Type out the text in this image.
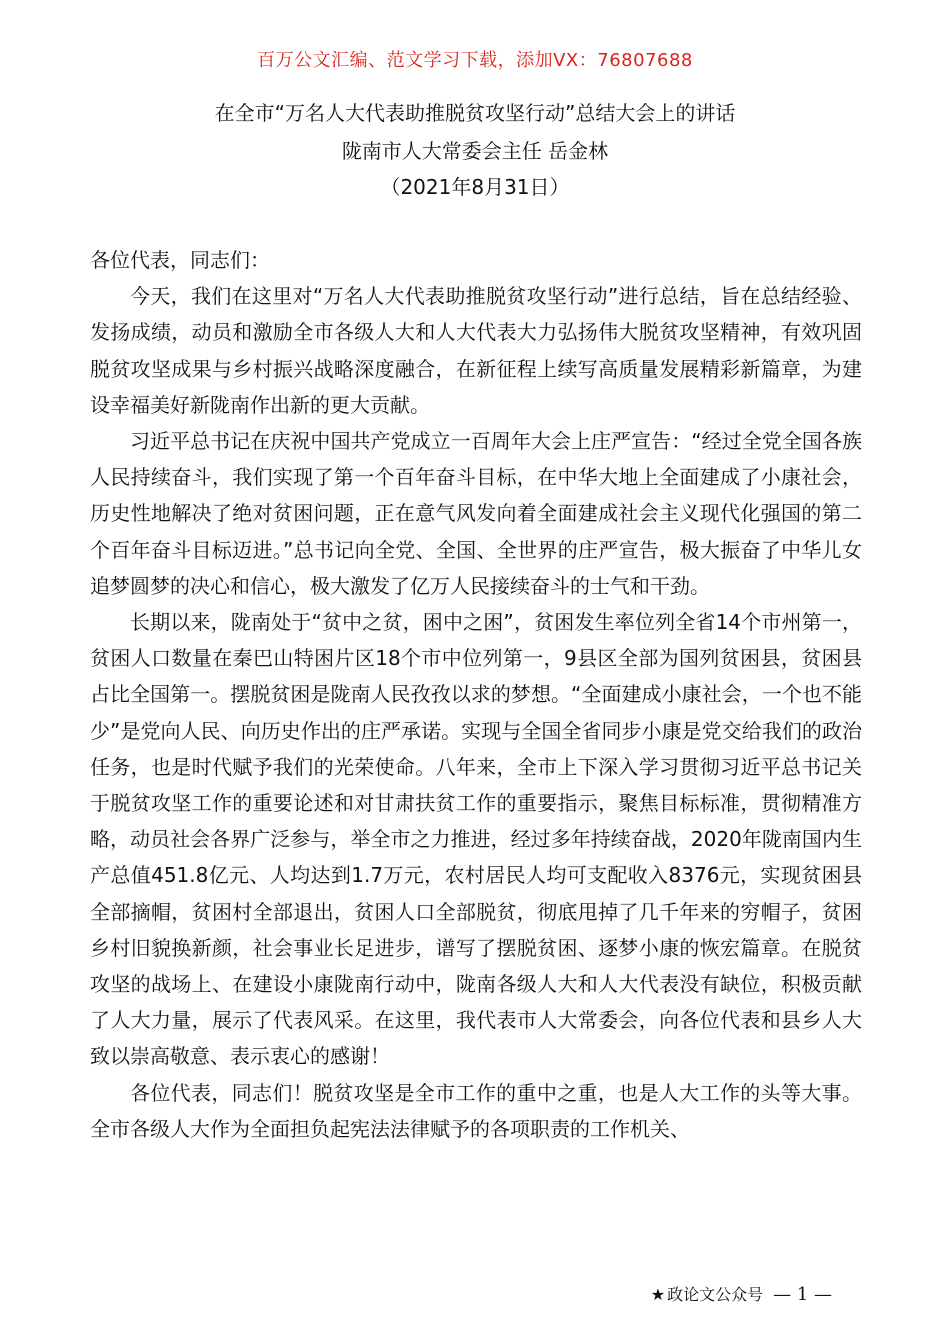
百万公文汇编、范文学习下载，添加VX：76807688
在全市“万名人大代表助推脱贫攻坚行动”总结大会上的讲话
陇南市人大常委会主任 岳金林
（2021年8月31日）

各位代表，同志们：

今天，我们在这里对“万名人大代表助推脱贫攻坚行动”进行总结，旨在总结经验、发扬成绩，动员和激励全市各级人大和人大代表大力弘扬伟大脱贫攻坚精神，有效巩固脱贫攻坚成果与乡村振兴战略深度融合，在新征程上续写高质量发展精彩新篇章，为建设幸福美好新陇南作出新的更大贡献。

习近平总书记在庆祝中国共产党成立一百周年大会上庄严宣告：“经过全党全国各族人民持续奋斗，我们实现了第一个百年奋斗目标，在中华大地上全面建成了小康社会，历史性地解决了绝对贫困问题，正在意气风发向着全面建成社会主义现代化强国的第二个百年奋斗目标迈进。”总书记向全党、全国、全世界的庄严宣告，极大振奋了中华儿女追梦圆梦的决心和信心，极大激发了亿万人民接续奋斗的士气和干劲。

长期以来，陇南处于“贫中之贫，困中之困”，贫困发生率位列全省14个市州第一，贫困人口数量在秦巴山特困片区18个市中位列第一，9县区全部为国列贫困县，贫困县占比全国第一。摆脱贫困是陇南人民孜孜以求的梦想。“全面建成小康社会，一个也不能少”是党向人民、向历史作出的庄严承诺。实现与全国全省同步小康是党交给我们的政治任务，也是时代赋予我们的光荣使命。八年来，全市上下深入学习贯彻习近平总书记关于脱贫攻坚工作的重要论述和对甘肃扶贫工作的重要指示，聚焦目标标准，贯彻精准方略，动员社会各界广泛参与，举全市之力推进，经过多年持续奋战，2020年陇南国内生产总值451.8亿元、人均达到1.7万元，农村居民人均可支配收入8376元，实现贫困县全部摘帽，贫困村全部退出，贫困人口全部脱贫，彻底甩掉了几千年来的穷帽子，贫困乡村旧貌换新颜，社会事业长足进步，谱写了摆脱贫困、逐梦小康的恢宏篇章。在脱贫攻坚的战场上、在建设小康陇南行动中，陇南各级人大和人大代表没有缺位，积极贡献了人大力量，展示了代表风采。在这里，我代表市人大常委会，向各位代表和县乡人大致以崇高敬意、表示衷心的感谢！

各位代表，同志们！脱贫攻坚是全市工作的重中之重，也是人大工作的头等大事。全市各级人大作为全面担负起宪法法律赋予的各项职责的工作机关、

★ 政论文公众号 — 1 —
